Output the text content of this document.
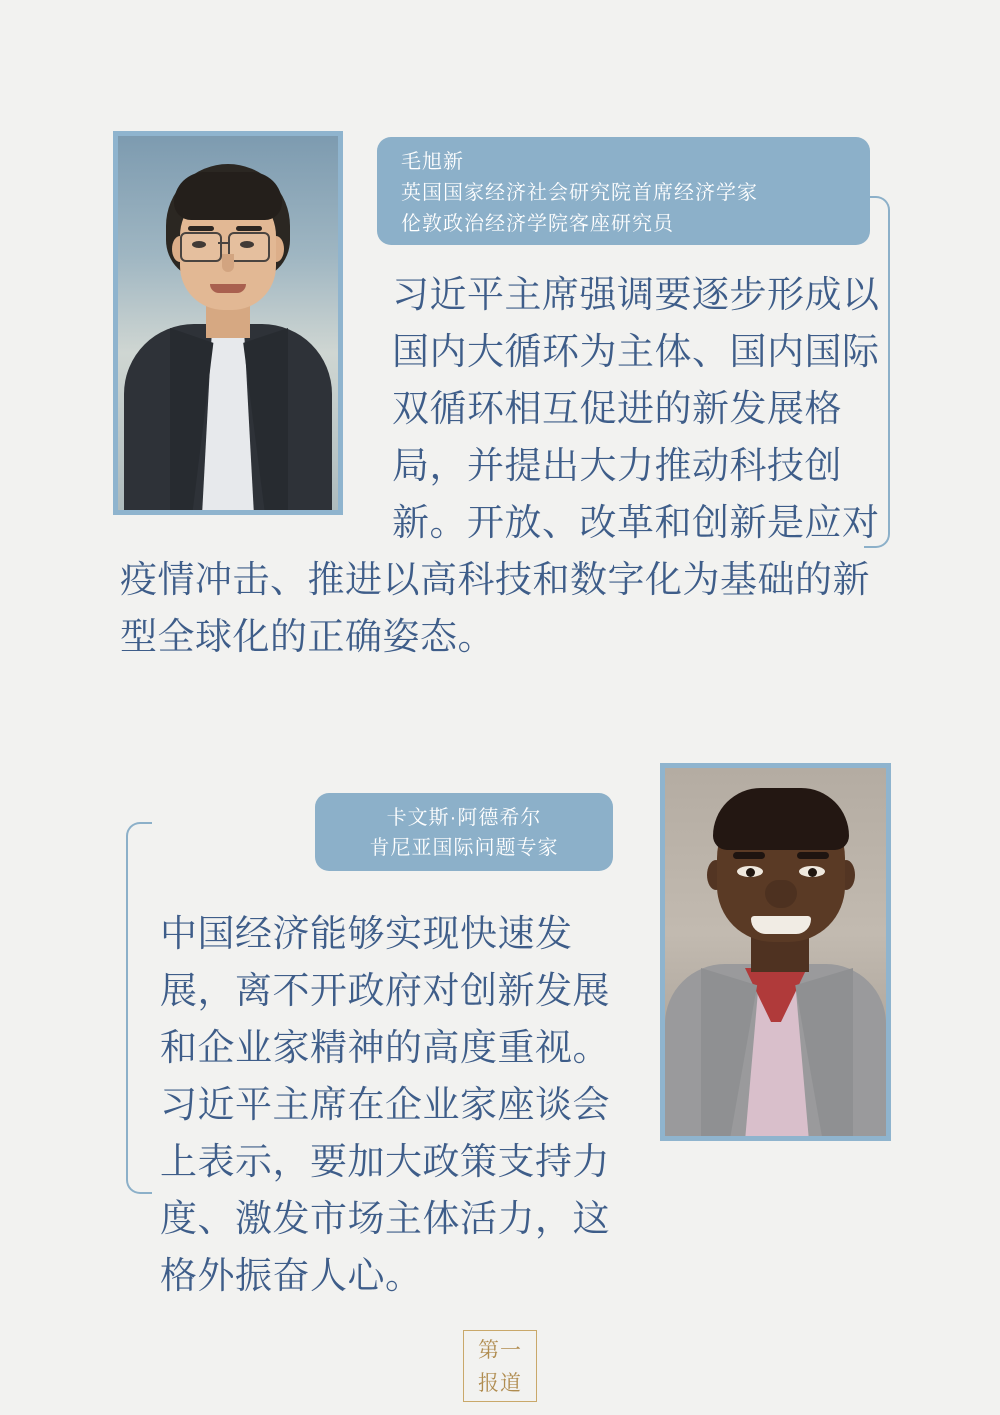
毛旭新
英国国家经济社会研究院首席经济学家
伦敦政治经济学院客座研究员
习近平主席强调要逐步形成以国内大循环为主体、国内国际双循环相互促进的新发展格局，并提出大力推动科技创新。开放、改革和创新是应对疫情冲击、推进以高科技和数字化为基础的新型全球化的正确姿态。
卡文斯·阿德希尔
肯尼亚国际问题专家
中国经济能够实现快速发展，离不开政府对创新发展和企业家精神的高度重视。习近平主席在企业家座谈会上表示，要加大政策支持力度、激发市场主体活力，这格外振奋人心。
第一
报道
